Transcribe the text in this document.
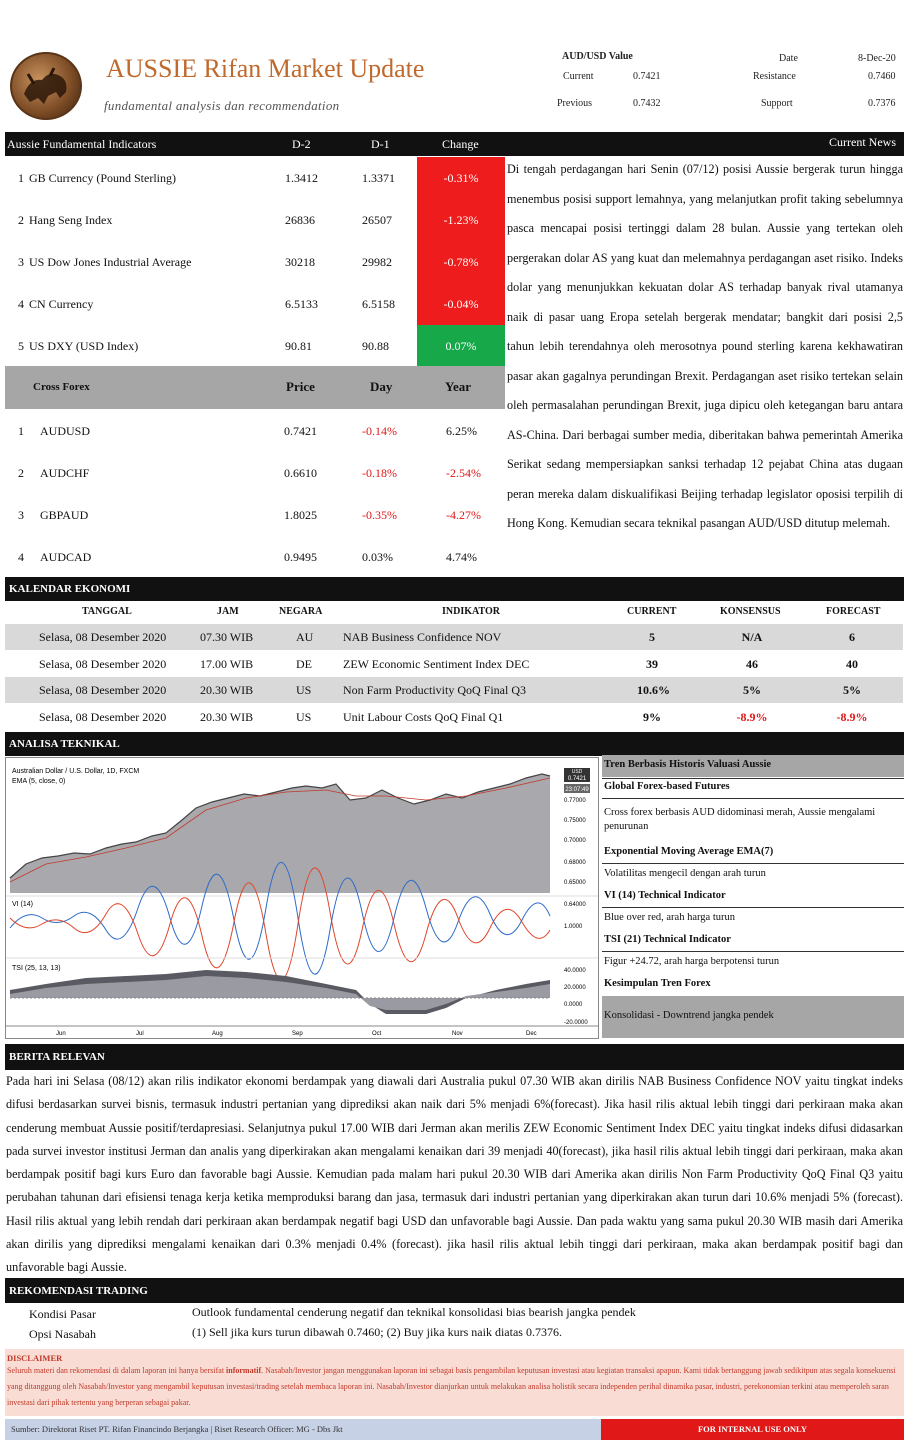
AUSSIE Rifan Market Update
fundamental analysis dan recommendation
AUD/USD Value
Current	0.7421
Previous	0.7432
Date	8-Dec-20
Resistance	0.7460
Support	0.7376
Aussie Fundamental Indicators	D-2	D-1	Change	Current News
1 GB Currency (Pound Sterling)	1.3412	1.3371	-0.31%
2 Hang Seng Index	26836	26507	-1.23%
3 US Dow Jones Industrial Average	30218	29982	-0.78%
4 CN Currency	6.5133	6.5158	-0.04%
5 US DXY (USD Index)	90.81	90.88	0.07%
Cross Forex	Price	Day	Year
1 AUDUSD	0.7421	-0.14%	6.25%
2 AUDCHF	0.6610	-0.18%	-2.54%
3 GBPAUD	1.8025	-0.35%	-4.27%
4 AUDCAD	0.9495	0.03%	4.74%
Di tengah perdagangan hari Senin (07/12) posisi Aussie bergerak turun hingga menembus posisi support lemahnya, yang melanjutkan profit taking sebelumnya pasca mencapai posisi tertinggi dalam 28 bulan. Aussie yang tertekan oleh pergerakan dolar AS yang kuat dan melemahnya perdagangan aset risiko. Indeks dolar yang menunjukkan kekuatan dolar AS terhadap banyak rival utamanya naik di pasar uang Eropa setelah bergerak mendatar; bangkit dari posisi 2,5 tahun lebih terendahnya oleh merosotnya pound sterling karena kekhawatiran pasar akan gagalnya perundingan Brexit. Perdagangan aset risiko tertekan selain oleh permasalahan perundingan Brexit, juga dipicu oleh ketegangan baru antara AS-China. Dari berbagai sumber media, diberitakan bahwa pemerintah Amerika Serikat sedang mempersiapkan sanksi terhadap 12 pejabat China atas dugaan peran mereka dalam diskualifikasi Beijing terhadap legislator oposisi terpilih di Hong Kong. Kemudian secara teknikal pasangan AUD/USD ditutup melemah.
KALENDAR EKONOMI
TANGGAL	JAM	NEGARA	INDIKATOR	CURRENT	KONSENSUS	FORECAST
Selasa, 08 Desember 2020	07.30 WIB	AU NAB Business Confidence NOV	5	N/A	6
Selasa, 08 Desember 2020	17.00 WIB	DE	ZEW Economic Sentiment Index DEC	39	46	40
Selasa, 08 Desember 2020	20.30 WIB	US	Non Farm Productivity QoQ Final Q3	10.6%	5%	5%
Selasa, 08 Desember 2020	20.30 WIB	US	Unit Labour Costs QoQ Final Q1	9%	-8.9%	-8.9%
ANALISA TEKNIKAL
Australian Dollar / U.S. Dollar, 1D, FXCM
EMA (5, close, 0)
USD
0.7421
23:07:49
0.77000
0.75000
0.70000
0.68000
0.65000
0.64000
VI (14)
1.0000
TSI (25, 13, 13)	40.0000
20.0000
0.0000
-20.0000
Jun	Jul	Aug	Sep	Oct	Nov	Dec
Tren Berbasis Historis Valuasi Aussie
Global Forex-based Futures
Cross forex berbasis AUD didominasi merah, Aussie mengalami penurunan
Exponential Moving Average EMA(7)
Volatilitas mengecil dengan arah turun
VI (14) Technical Indicator
Blue over red, arah harga turun
TSI (21) Technical Indicator
Figur +24.72, arah harga berpotensi turun
Kesimpulan Tren Forex
Konsolidasi - Downtrend jangka pendek
BERITA RELEVAN
Pada hari ini Selasa (08/12) akan rilis indikator ekonomi berdampak yang diawali dari Australia pukul 07.30 WIB akan dirilis NAB Business Confidence NOV yaitu tingkat indeks difusi berdasarkan survei bisnis, termasuk industri pertanian yang diprediksi akan naik dari 5% menjadi 6%(forecast). Jika hasil rilis aktual lebih tinggi dari perkiraan maka akan cenderung membuat Aussie positif/terdapresiasi. Selanjutnya pukul 17.00 WIB dari Jerman akan merilis ZEW Economic Sentiment Index DEC yaitu tingkat indeks difusi didasarkan pada survei investor institusi Jerman dan analis yang diperkirakan akan mengalami kenaikan dari 39 menjadi 40(forecast), jika hasil rilis aktual lebih tinggi dari perkiraan, maka akan berdampak positif bagi kurs Euro dan favorable bagi Aussie. Kemudian pada malam hari pukul 20.30 WIB dari Amerika akan dirilis Non Farm Productivity QoQ Final Q3 yaitu perubahan tahunan dari efisiensi tenaga kerja ketika memproduksi barang dan jasa, termasuk dari industri pertanian yang diperkirakan akan turun dari 10.6% menjadi 5% (forecast). Hasil rilis aktual yang lebih rendah dari perkiraan akan berdampak negatif bagi USD dan unfavorable bagi Aussie. Dan pada waktu yang sama pukul 20.30 WIB masih dari Amerika akan dirilis yang diprediksi mengalami kenaikan dari 0.3% menjadi 0.4% (forecast). jika hasil rilis aktual lebih tinggi dari perkiraan, maka akan berdampak positif bagi dan unfavorable bagi Aussie.
REKOMENDASI TRADING
Kondisi Pasar	Outlook fundamental cenderung negatif dan teknikal konsolidasi bias bearish jangka pendek
Opsi Nasabah	(1) Sell jika kurs turun dibawah 0.7460; (2) Buy jika kurs naik diatas 0.7376.
DISCLAIMER
Seluruh materi dan rekomendasi di dalam laporan ini hanya bersifat informatif. Nasabah/Investor jangan menggunakan laporan ini sebagai basis pengambilan keputusan investasi atau kegiatan transaksi apapun. Kami tidak bertanggung jawab sedikitpun atas segala konsekuensi yang ditanggung oleh Nasabah/Investor yang mengambil keputusan investasi/trading setelah membaca laporan ini. Nasabah/Investor dianjurkan untuk melakukan analisa holistik secara independen perihal dinamika pasar, industri, perekonomian terkini atau memperoleh saran investasi dari pihak tertentu yang berperan sebagai pakar.
Sumber: Direktorat Riset PT. Rifan Financindo Berjangka | Riset Research Officer: MG - Dbs Jkt	FOR INTERNAL USE ONLY
